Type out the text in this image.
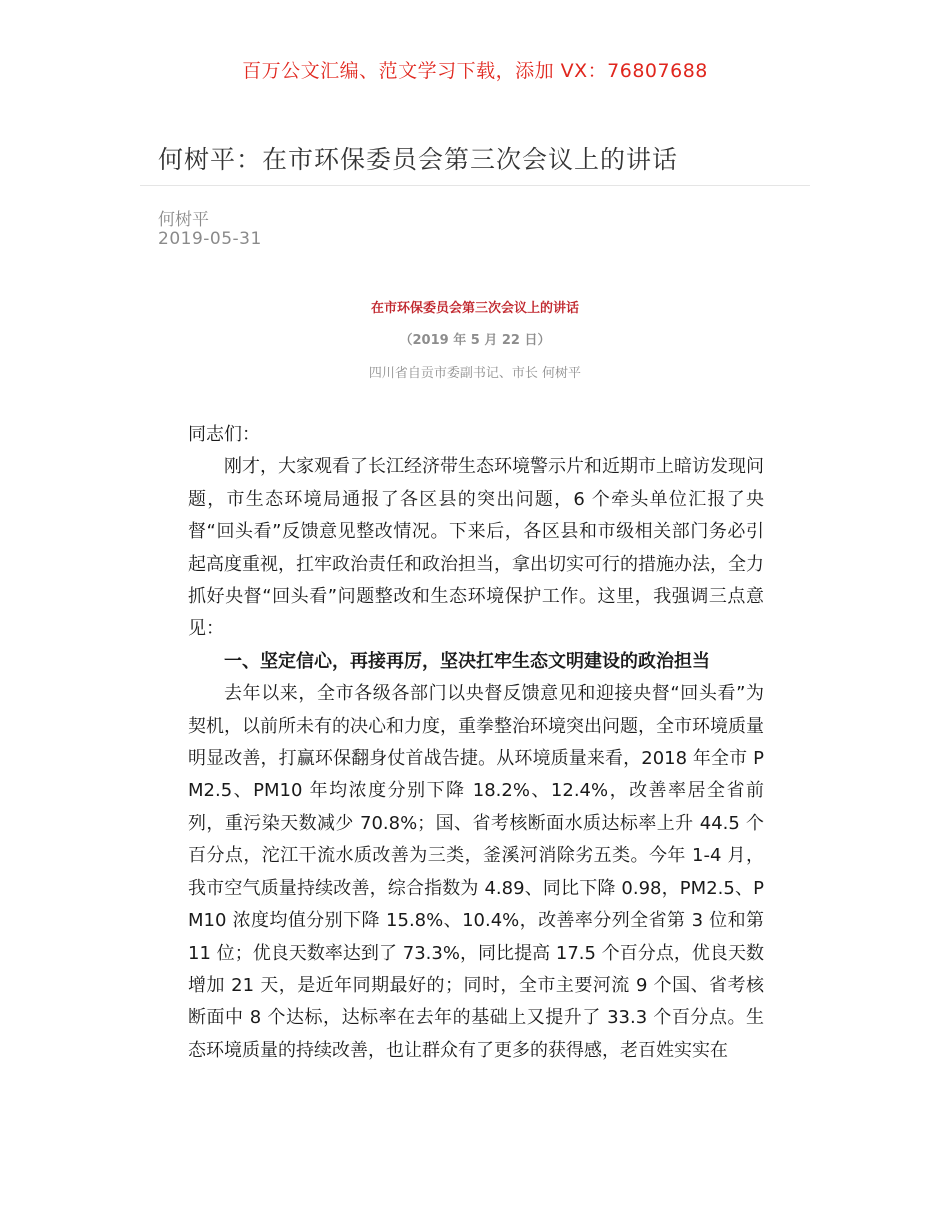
百万公文汇编、范文学习下载，添加 VX：76807688
何树平：在市环保委员会第三次会议上的讲话
何树平
2019-05-31
在市环保委员会第三次会议上的讲话
（2019 年 5 月 22 日）
四川省自贡市委副书记、市长 何树平

同志们：

刚才，大家观看了长江经济带生态环境警示片和近期市上暗访发现问题，市生态环境局通报了各区县的突出问题，6 个牵头单位汇报了央督“回头看”反馈意见整改情况。下来后，各区县和市级相关部门务必引起高度重视，扛牢政治责任和政治担当，拿出切实可行的措施办法，全力抓好央督“回头看”问题整改和生态环境保护工作。这里，我强调三点意见：

一、坚定信心，再接再厉，坚决扛牢生态文明建设的政治担当

去年以来，全市各级各部门以央督反馈意见和迎接央督“回头看”为契机，以前所未有的决心和力度，重拳整治环境突出问题，全市环境质量明显改善，打赢环保翻身仗首战告捷。从环境质量来看，2018 年全市 PM2.5、PM10 年均浓度分别下降 18.2%、12.4%，改善率居全省前列，重污染天数减少 70.8%；国、省考核断面水质达标率上升 44.5 个百分点，沱江干流水质改善为三类，釜溪河消除劣五类。今年 1-4 月，我市空气质量持续改善，综合指数为 4.89、同比下降 0.98，PM2.5、PM10 浓度均值分别下降 15.8%、10.4%，改善率分列全省第 3 位和第 11 位；优良天数率达到了 73.3%，同比提高 17.5 个百分点，优良天数增加 21 天，是近年同期最好的；同时，全市主要河流 9 个国、省考核断面中 8 个达标，达标率在去年的基础上又提升了 33.3 个百分点。生态环境质量的持续改善，也让群众有了更多的获得感，老百姓实实在
